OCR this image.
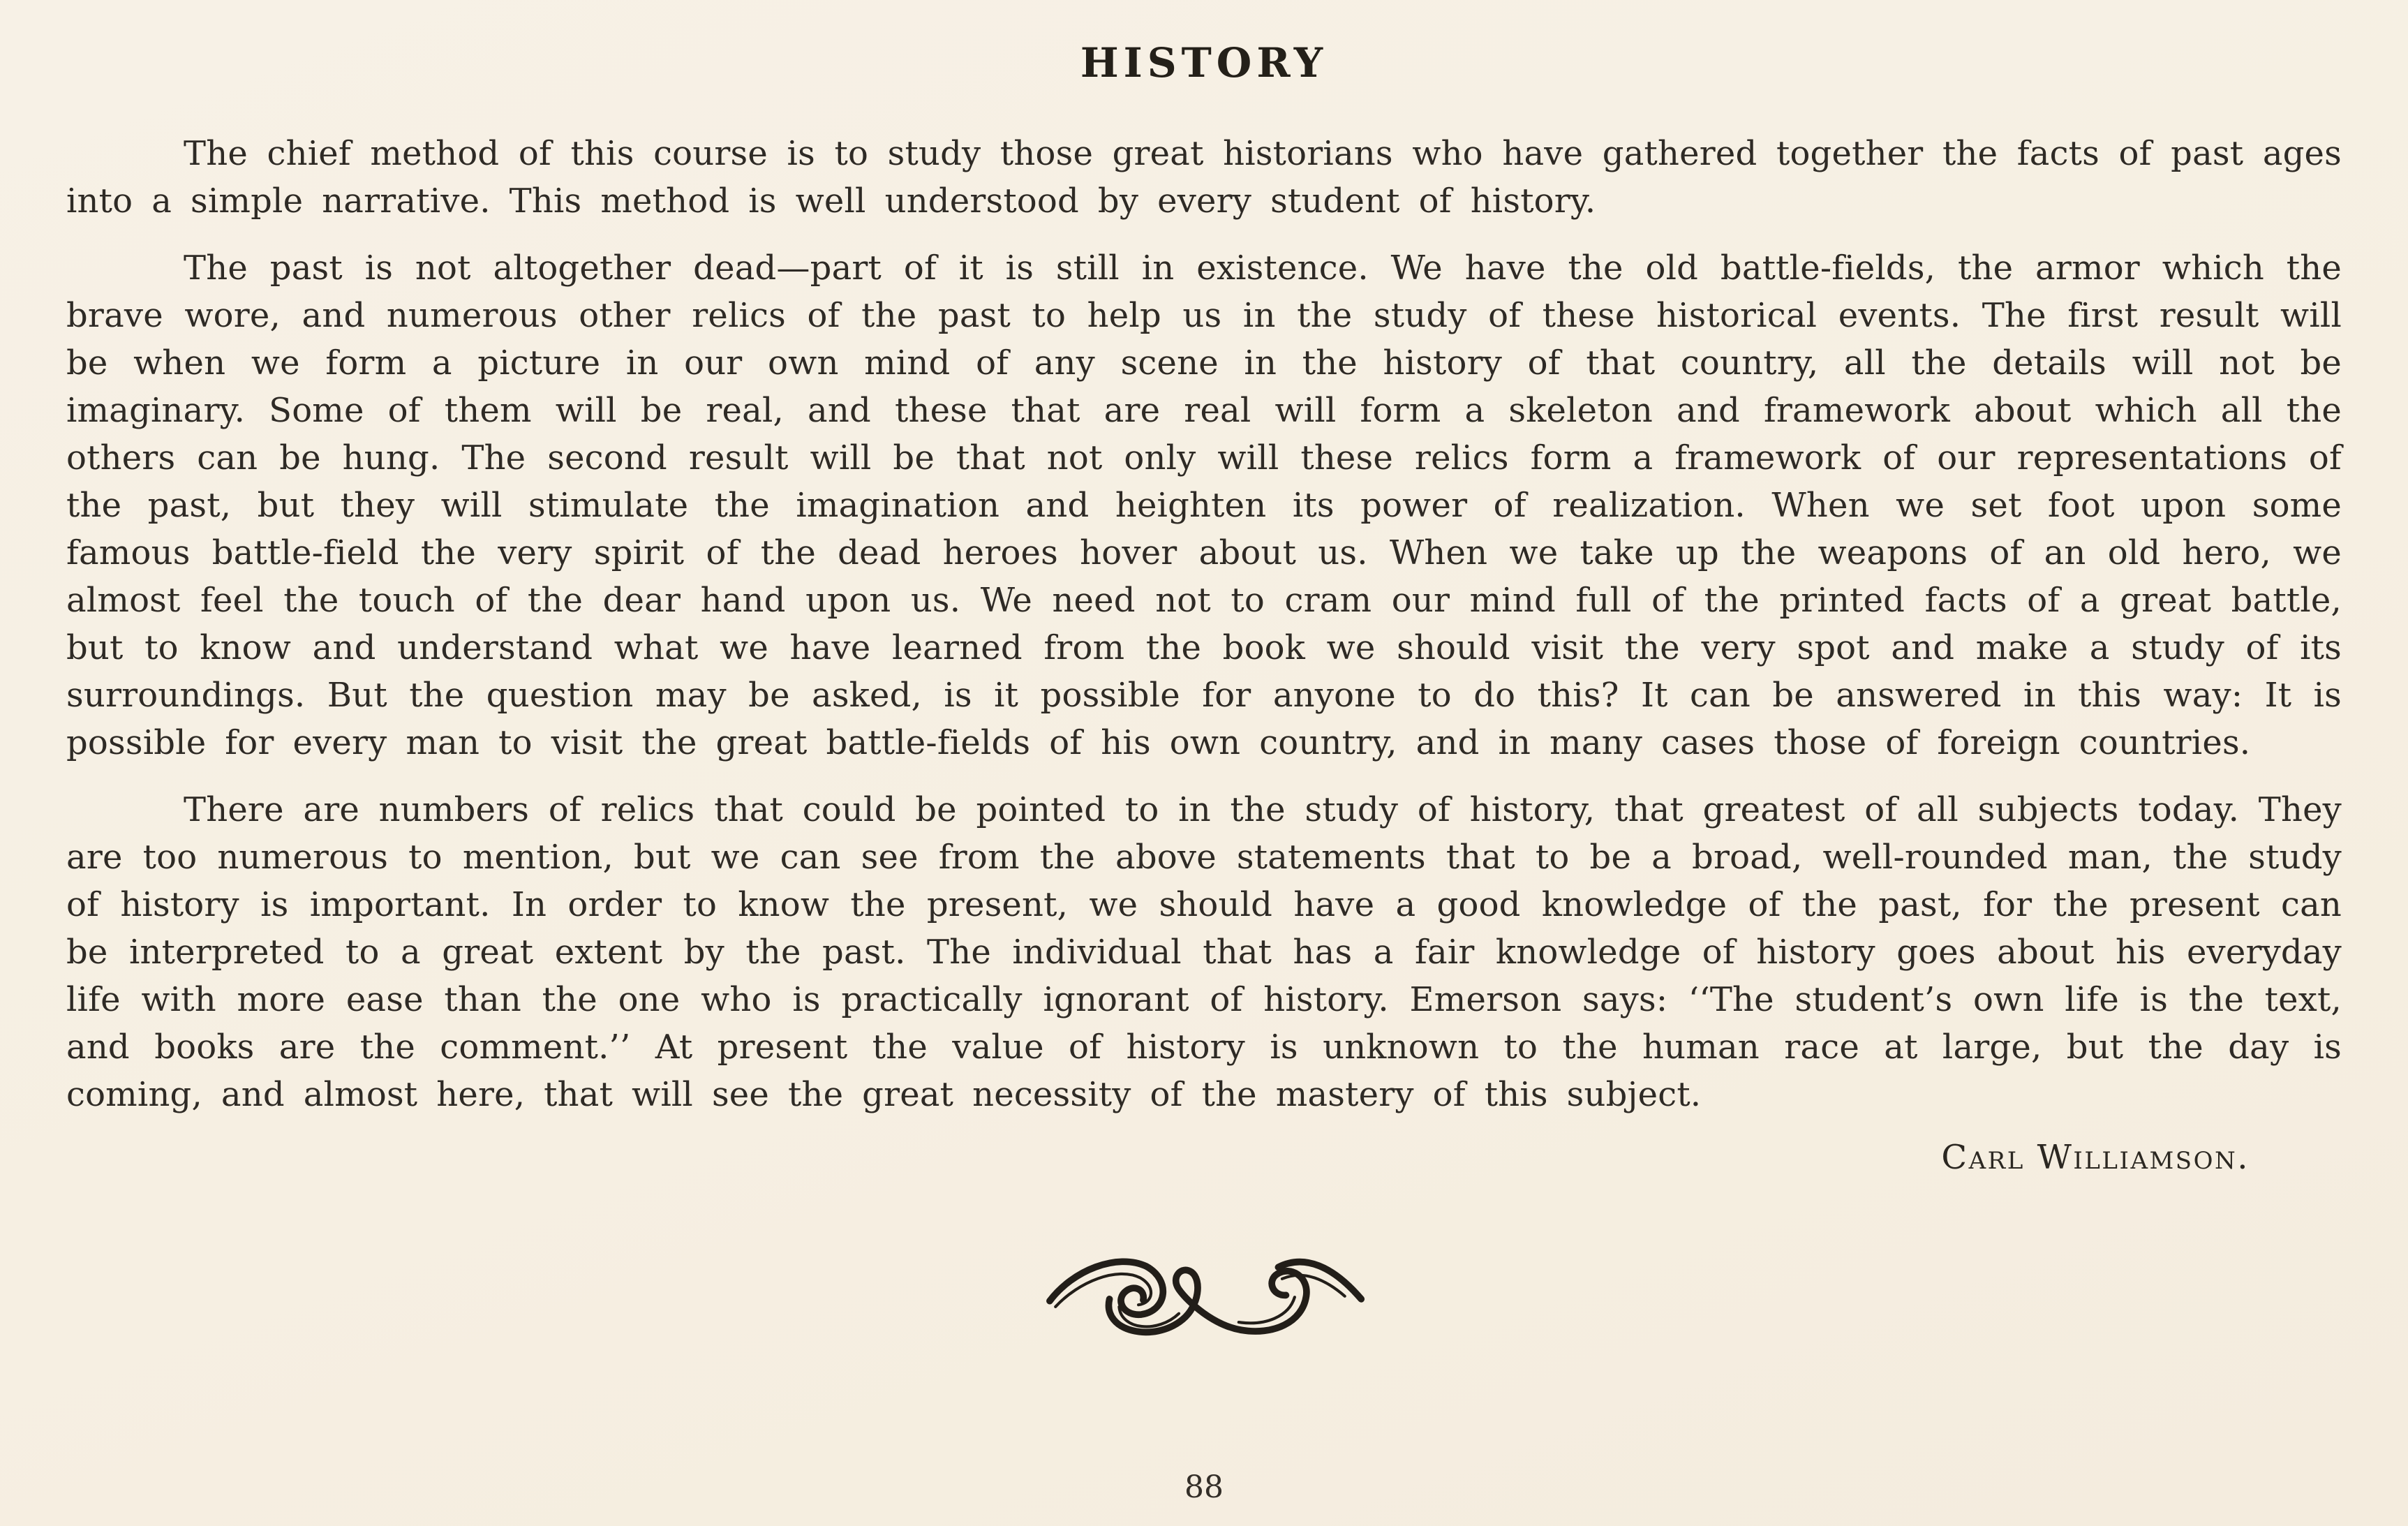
HISTORY

The chief method of this course is to study those great historians who have gathered together the facts of past ages into a simple narrative. This method is well understood by every student of history.

The past is not altogether dead—part of it is still in existence. We have the old battle-fields, the armor which the brave wore, and numerous other relics of the past to help us in the study of these historical events. The first result will be when we form a picture in our own mind of any scene in the history of that country, all the details will not be imaginary. Some of them will be real, and these that are real will form a skeleton and framework about which all the others can be hung. The second result will be that not only will these relics form a framework of our representations of the past, but they will stimulate the imagination and heighten its power of realization. When we set foot upon some famous battle-field the very spirit of the dead heroes hover about us. When we take up the weapons of an old hero, we almost feel the touch of the dear hand upon us. We need not to cram our mind full of the printed facts of a great battle, but to know and understand what we have learned from the book we should visit the very spot and make a study of its surroundings. But the question may be asked, is it possible for anyone to do this? It can be answered in this way: It is possible for every man to visit the great battle-fields of his own country, and in many cases those of foreign countries.

There are numbers of relics that could be pointed to in the study of history, that greatest of all subjects today. They are too numerous to mention, but we can see from the above statements that to be a broad, well-rounded man, the study of history is important. In order to know the present, we should have a good knowledge of the past, for the present can be interpreted to a great extent by the past. The individual that has a fair knowledge of history goes about his everyday life with more ease than the one who is practically ignorant of history. Emerson says: ‘‘The student’s own life is the text, and books are the comment.’’ At present the value of history is unknown to the human race at large, but the day is coming, and almost here, that will see the great necessity of the mastery of this subject.

Carl Williamson.
88
